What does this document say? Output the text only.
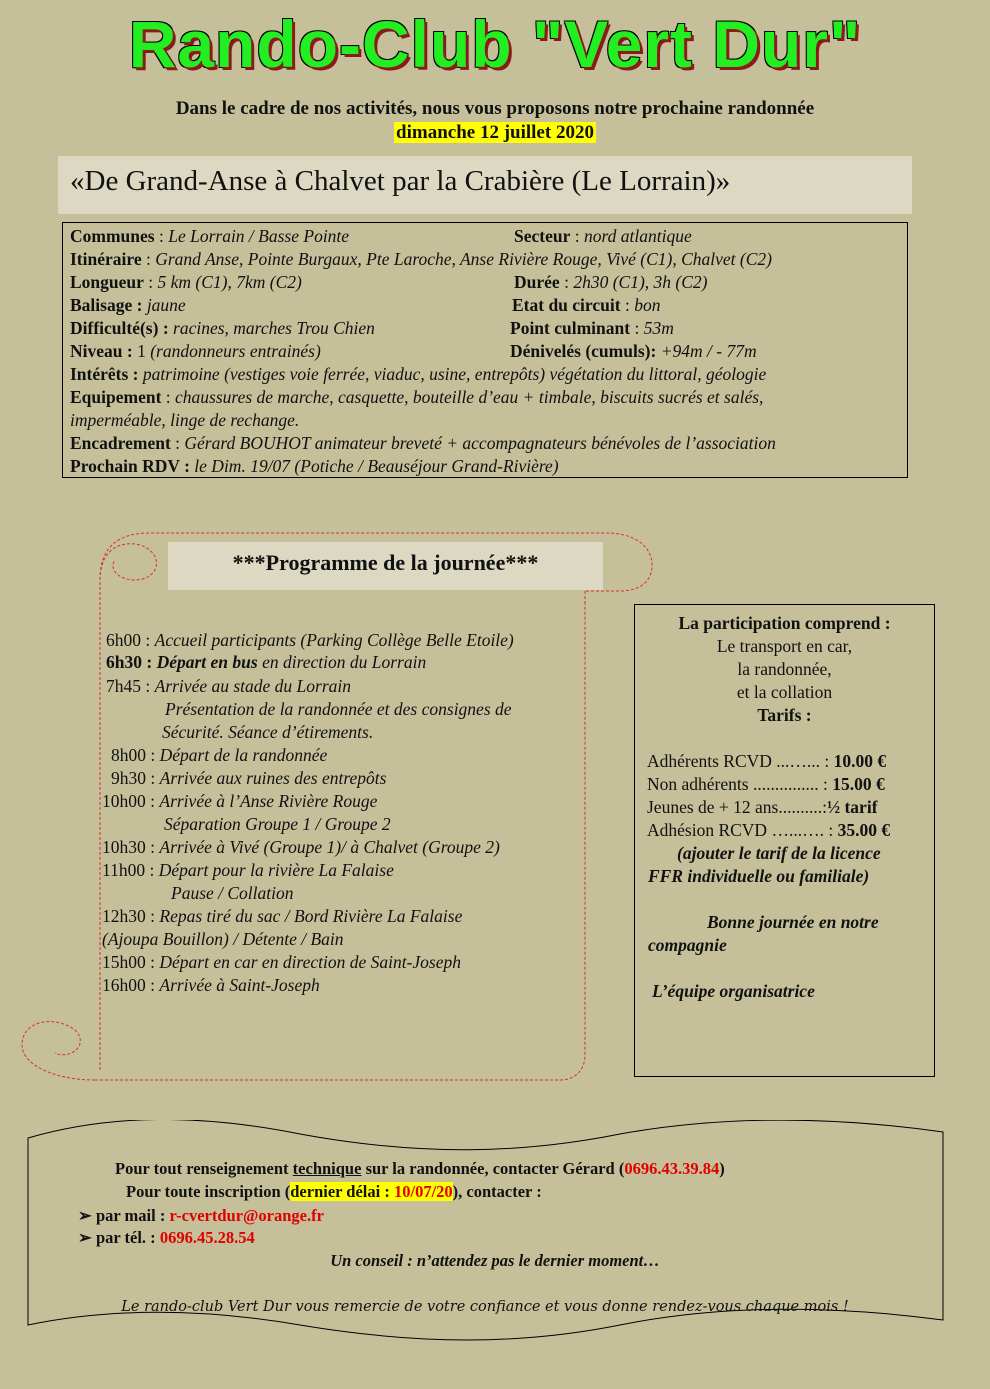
Rando-Club "Vert Dur"
Dans le cadre de nos activités, nous vous proposons notre prochaine randonnée
dimanche 12 juillet 2020
«De Grand-Anse à Chalvet par la Crabière (Le Lorrain)»
Communes : Le Lorrain / Basse Pointe	Secteur : nord atlantique
Itinéraire : Grand Anse, Pointe Burgaux, Pte Laroche, Anse Rivière Rouge, Vivé (C1), Chalvet (C2)
Longueur : 5 km (C1), 7km (C2)	Durée : 2h30 (C1), 3h (C2)
Balisage : jaune	Etat du circuit : bon
Difficulté(s) : racines, marches Trou Chien	Point culminant : 53m
Niveau : 1 (randonneurs entrainés)	Dénivelés (cumuls): +94m / - 77m
Intérêts : patrimoine (vestiges voie ferrée, viaduc, usine, entrepôts) végétation du littoral, géologie
Equipement : chaussures de marche, casquette, bouteille d’eau + timbale, biscuits sucrés et salés,
imperméable, linge de rechange.
Encadrement : Gérard BOUHOT animateur breveté + accompagnateurs bénévoles de l’association
Prochain RDV : le Dim. 19/07 (Potiche / Beauséjour Grand-Rivière)
***Programme de la journée***
6h00 : Accueil participants (Parking Collège Belle Etoile)
6h30 : Départ en bus en direction du Lorrain
7h45 : Arrivée au stade du Lorrain
Présentation de la randonnée et des consignes de
Sécurité. Séance d’étirements.
8h00 : Départ de la randonnée
9h30 : Arrivée aux ruines des entrepôts
10h00 : Arrivée à l’Anse Rivière Rouge
Séparation Groupe 1 / Groupe 2
10h30 : Arrivée à Vivé (Groupe 1)/ à Chalvet (Groupe 2)
11h00 : Départ pour la rivière La Falaise
Pause / Collation
12h30 : Repas tiré du sac / Bord Rivière La Falaise
(Ajoupa Bouillon) / Détente / Bain
15h00 : Départ en car en direction de Saint-Joseph
16h00 : Arrivée à Saint-Joseph
La participation comprend :
Le transport en car,
la randonnée,
et la collation
Tarifs :
Adhérents RCVD ...…... : 10.00 €
Non adhérents ............... : 15.00 €
Jeunes de + 12 ans..........:½ tarif
Adhésion RCVD …...…. : 35.00 €
(ajouter le tarif de la licence
FFR individuelle ou familiale)
Bonne journée en notre
compagnie
L’équipe organisatrice
Pour tout renseignement technique sur la randonnée, contacter Gérard (0696.43.39.84)
Pour toute inscription (dernier délai : 10/07/20), contacter :
➢ par mail : r-cvertdur@orange.fr
➢ par tél. : 0696.45.28.54
Un conseil : n’attendez pas le dernier moment…
Le rando-club Vert Dur vous remercie de votre confiance et vous donne rendez-vous chaque mois !
